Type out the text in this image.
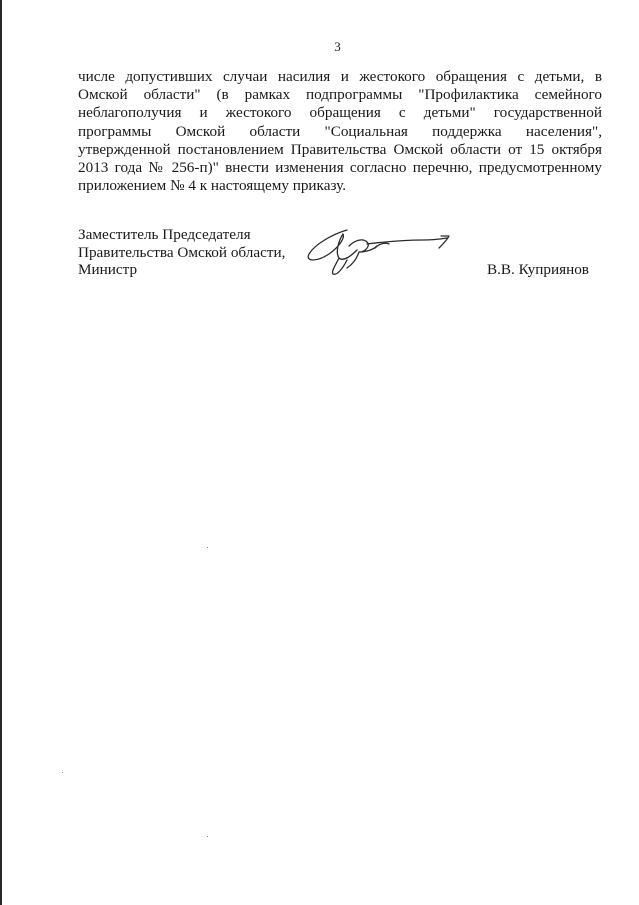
3
числе допустивших случаи насилия и жестокого обращения с детьми, в
Омской области" (в рамках подпрограммы "Профилактика семейного
неблагополучия и жестокого обращения с детьми" государственной
программы Омской области "Социальная поддержка населения",
утвержденной постановлением Правительства Омской области от 15 октября
2013 года № 256-п)" внести изменения согласно перечню, предусмотренному
приложением № 4 к настоящему приказу.
Заместитель Председателя
Правительства Омской области,
Министр	В.В. Куприянов
